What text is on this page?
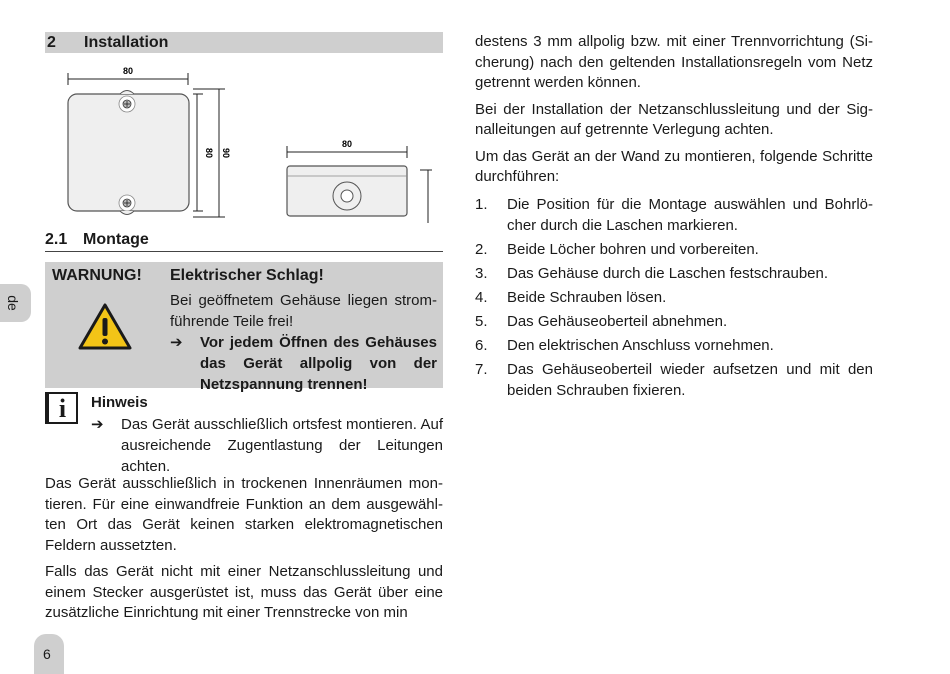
2 Installation
80
80 90
80
2.1 Montage
WARNUNG! Elektrischer Schlag!
Bei geöffnetem Gehäuse liegen stromführende Teile frei!
➔	Vor jedem Öffnen des Gehäuses das Gerät allpolig von der Netzspannung trennen!
i	Hinweis
➔	Das Gerät ausschließlich ortsfest montieren. Auf ausreichende Zugentlastung der Leitungen achten.

Das Gerät ausschließlich in trockenen Innenräumen montieren. Für eine einwandfreie Funktion an dem ausgewählten Ort das Gerät keinen starken elektromagnetischen Feldern aussetzten.

Falls das Gerät nicht mit einer Netzanschlussleitung und einem Stecker ausgerüstet ist, muss das Gerät über eine zusätzliche Einrichtung mit einer Trennstrecke von min

destens 3 mm allpolig bzw. mit einer Trennvorrichtung (Sicherung) nach den geltenden Installationsregeln vom Netz getrennt werden können.

Bei der Installation der Netzanschlussleitung und der Signalleitungen auf getrennte Verlegung achten.

Um das Gerät an der Wand zu montieren, folgende Schritte durchführen:

1.	Die Position für die Montage auswählen und Bohrlöcher durch die Laschen markieren.
2.	Beide Löcher bohren und vorbereiten.
3.	Das Gehäuse durch die Laschen festschrauben.
4.	Beide Schrauben lösen.
5.	Das Gehäuseoberteil abnehmen.
6.	Den elektrischen Anschluss vornehmen.
7.	Das Gehäuseoberteil wieder aufsetzen und mit den beiden Schrauben fixieren.
de
6
